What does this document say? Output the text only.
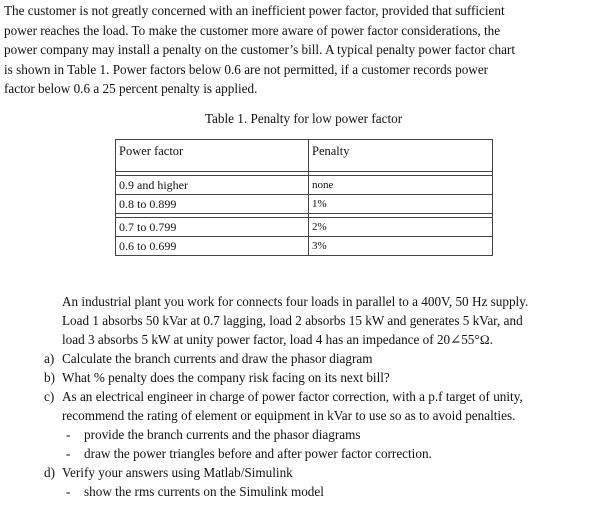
The customer is not greatly concerned with an inefficient power factor, provided that sufficient

power reaches the load. To make the customer more aware of power factor considerations, the

power company may install a penalty on the customer’s bill. A typical penalty power factor chart

is shown in Table 1. Power factors below 0.6 are not permitted, if a customer records power

factor below 0.6 a 25 percent penalty is applied.

Table 1. Penalty for low power factor
Power factor	Penalty

0.9 and higher	none
0.8 to 0.899	1%

0.7 to 0.799	2%
0.6 to 0.699	3%

An industrial plant you work for connects four loads in parallel to a 400V, 50 Hz supply.

Load 1 absorbs 50 kVar at 0.7 lagging, load 2 absorbs 15 kW and generates 5 kVar, and

load 3 absorbs 5 kW at unity power factor, load 4 has an impedance of 20∠55°Ω.

a) Calculate the branch currents and draw the phasor diagram

b) What % penalty does the company risk facing on its next bill?

c) As an electrical engineer in charge of power factor correction, with a p.f target of unity,

recommend the rating of element or equipment in kVar to use so as to avoid penalties.

- provide the branch currents and the phasor diagrams

- draw the power triangles before and after power factor correction.

d) Verify your answers using Matlab/Simulink

- show the rms currents on the Simulink model
